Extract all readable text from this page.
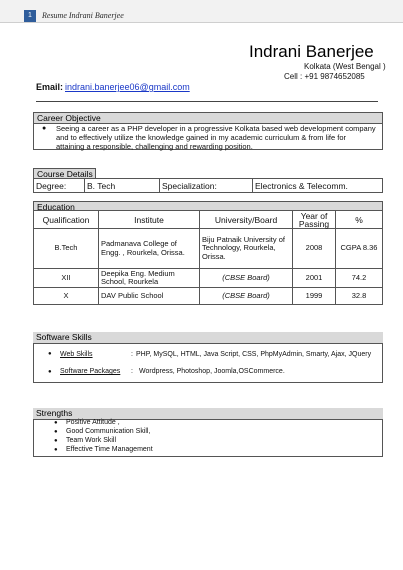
1	Resume Indrani Banerjee
Indrani Banerjee
Kolkata (West Bengal )
Cell : +91 9874652085
Email: indrani.banerjee06@gmail.com
Career Objective
● Seeing a career as a PHP developer in a progressive Kolkata based web development company and to effectively utilize the knowledge gained in my academic curriculum & from life for attaining a responsible, challenging and rewarding position.
Course Details
Degree:	B. Tech	Specialization:	Electronics & Telecomm.
Education
Qualification	Institute	University/Board	Year of Passing	%
B.Tech	Padmanava College of Engg. , Rourkela, Orissa.	Biju Patnaik University of Technology, Rourkela, Orissa.	2008	CGPA 8.36
XII	Deepika Eng. Medium School, Rourkela	(CBSE Board)	2001	74.2
X	DAV Public School	(CBSE Board)	1999	32.8
Software Skills
● Web Skills	: PHP, MySQL, HTML, Java Script, CSS, PhpMyAdmin, Smarty, Ajax, JQuery
● Software Packages : Wordpress, Photoshop, Joomla,OSCommerce.
Strengths
● Positive Attitude ,
● Good Communication Skill,
● Team Work Skill
● Effective Time Management
